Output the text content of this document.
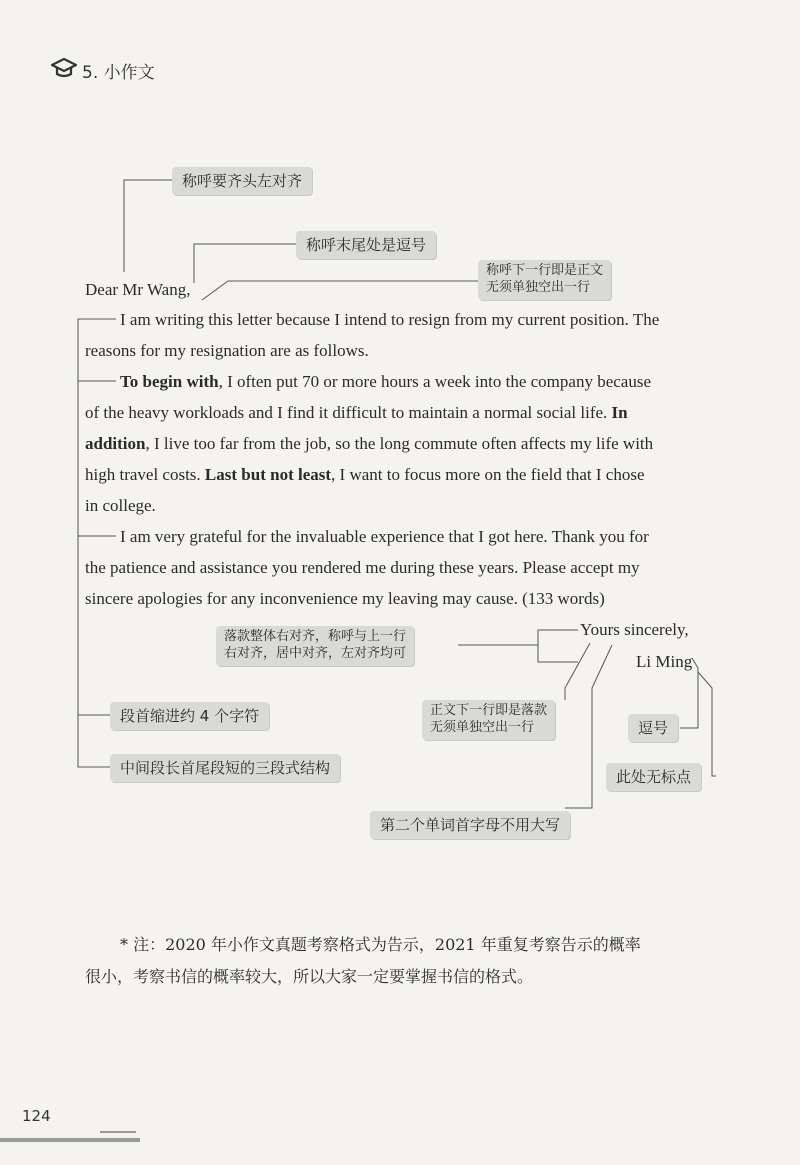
5. 小作文
称呼要齐头左对齐
称呼末尾处是逗号
称呼下一行即是正文
无须单独空出一行
落款整体右对齐，称呼与上一行
右对齐，居中对齐，左对齐均可
段首缩进约 4 个字符
中间段长首尾段短的三段式结构
正文下一行即是落款
无须单独空出一行	逗号
此处无标点
第二个单词首字母不用大写
Dear Mr Wang,
I am writing this letter because I intend to resign from my current position. The
reasons for my resignation are as follows.
To begin with, I often put 70 or more hours a week into the company because
of the heavy workloads and I find it difficult to maintain a normal social life. In
addition, I live too far from the job, so the long commute often affects my life with
high travel costs. Last but not least, I want to focus more on the field that I chose
in college.
I am very grateful for the invaluable experience that I got here. Thank you for
the patience and assistance you rendered me during these years. Please accept my
sincere apologies for any inconvenience my leaving may cause. (133 words)
Yours sincerely,
Li Ming
* 注：2020 年小作文真题考察格式为告示，2021 年重复考察告示的概率
很小，考察书信的概率较大，所以大家一定要掌握书信的格式。
124
